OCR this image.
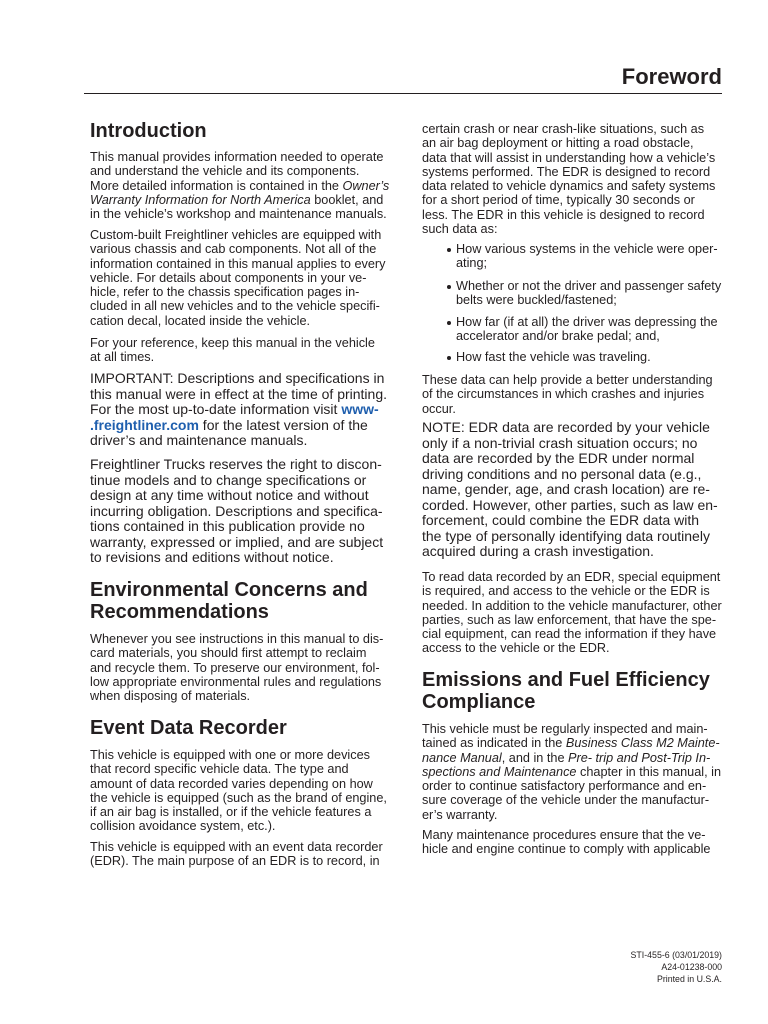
Foreword
Introduction
This manual provides information needed to operate
and understand the vehicle and its components.
More detailed information is contained in the Owner’s
Warranty Information for North America booklet, and
in the vehicle’s workshop and maintenance manuals.
Custom-built Freightliner vehicles are equipped with
various chassis and cab components. Not all of the
information contained in this manual applies to every
vehicle. For details about components in your ve-
hicle, refer to the chassis specification pages in-
cluded in all new vehicles and to the vehicle specifi-
cation decal, located inside the vehicle.
For your reference, keep this manual in the vehicle
at all times.
IMPORTANT: Descriptions and specifications in
this manual were in effect at the time of printing.
For the most up-to-date information visit www-
.freightliner.com for the latest version of the
driver’s and maintenance manuals.
Freightliner Trucks reserves the right to discon-
tinue models and to change specifications or
design at any time without notice and without
incurring obligation. Descriptions and specifica-
tions contained in this publication provide no
warranty, expressed or implied, and are subject
to revisions and editions without notice.
Environmental Concerns and
Recommendations
Whenever you see instructions in this manual to dis-
card materials, you should first attempt to reclaim
and recycle them. To preserve our environment, fol-
low appropriate environmental rules and regulations
when disposing of materials.
Event Data Recorder
This vehicle is equipped with one or more devices
that record specific vehicle data. The type and
amount of data recorded varies depending on how
the vehicle is equipped (such as the brand of engine,
if an air bag is installed, or if the vehicle features a
collision avoidance system, etc.).
This vehicle is equipped with an event data recorder
(EDR). The main purpose of an EDR is to record, in
certain crash or near crash-like situations, such as
an air bag deployment or hitting a road obstacle,
data that will assist in understanding how a vehicle’s
systems performed. The EDR is designed to record
data related to vehicle dynamics and safety systems
for a short period of time, typically 30 seconds or
less. The EDR in this vehicle is designed to record
such data as:
How various systems in the vehicle were oper-
ating;
Whether or not the driver and passenger safety
belts were buckled/fastened;
How far (if at all) the driver was depressing the
accelerator and/or brake pedal; and,
How fast the vehicle was traveling.
These data can help provide a better understanding
of the circumstances in which crashes and injuries
occur.
NOTE: EDR data are recorded by your vehicle
only if a non-trivial crash situation occurs; no
data are recorded by the EDR under normal
driving conditions and no personal data (e.g.,
name, gender, age, and crash location) are re-
corded. However, other parties, such as law en-
forcement, could combine the EDR data with
the type of personally identifying data routinely
acquired during a crash investigation.
To read data recorded by an EDR, special equipment
is required, and access to the vehicle or the EDR is
needed. In addition to the vehicle manufacturer, other
parties, such as law enforcement, that have the spe-
cial equipment, can read the information if they have
access to the vehicle or the EDR.
Emissions and Fuel Efficiency
Compliance
This vehicle must be regularly inspected and main-
tained as indicated in the Business Class M2 Mainte-
nance Manual, and in the Pre- trip and Post-Trip In-
spections and Maintenance chapter in this manual, in
order to continue satisfactory performance and en-
sure coverage of the vehicle under the manufactur-
er’s warranty.
Many maintenance procedures ensure that the ve-
hicle and engine continue to comply with applicable
STI-455-6 (03/01/2019)
A24-01238-000
Printed in U.S.A.
